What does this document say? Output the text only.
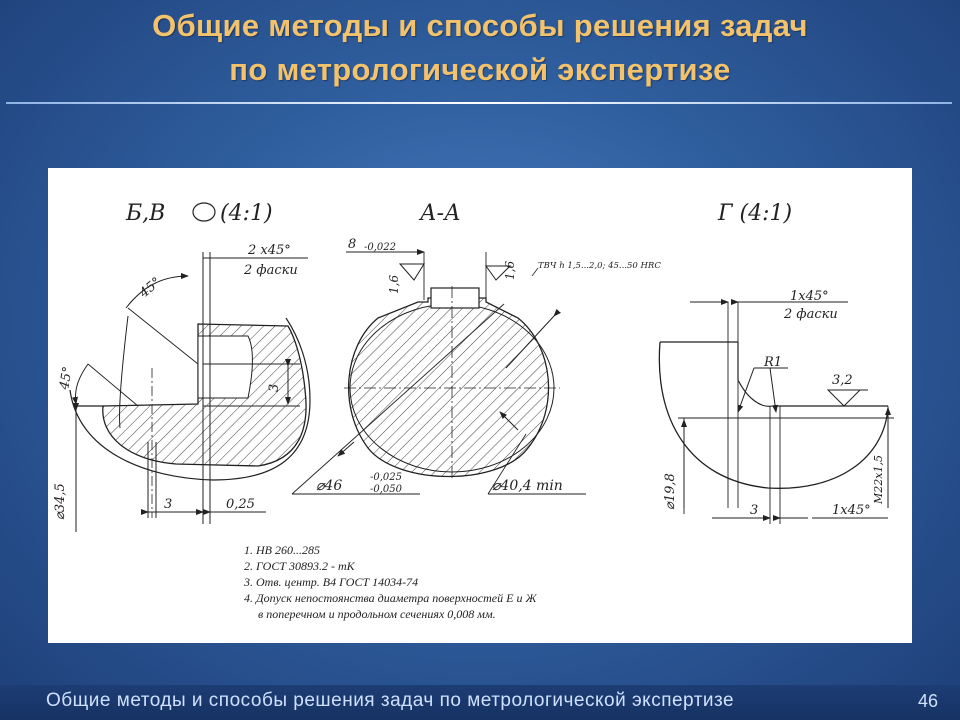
Общие методы и способы решения задач
по метрологической экспертизе
Б,В (4:1)
2 х45°
2 фаски
45°
45°	3
⌀34,5	3	0,25
А-А
8 -0,022
1,6
1,6 ТВЧ h 1,5...2,0; 45...50 HRC
⌀46
-0,025
-0,050	⌀40,4 min
Г (4:1)
1х45°
2 фаски
R1
3,2
⌀19,8
3	1х45°
M22х1,5
1. НВ 260...285
2. ГОСТ 30893.2 - mK
3. Отв. центр. В4 ГОСТ 14034-74
4. Допуск непостоянства диаметра поверхностей Е и Ж
в поперечном и продольном сечениях 0,008 мм.
Общие методы и способы решения задач по метрологической экспертизе	46
